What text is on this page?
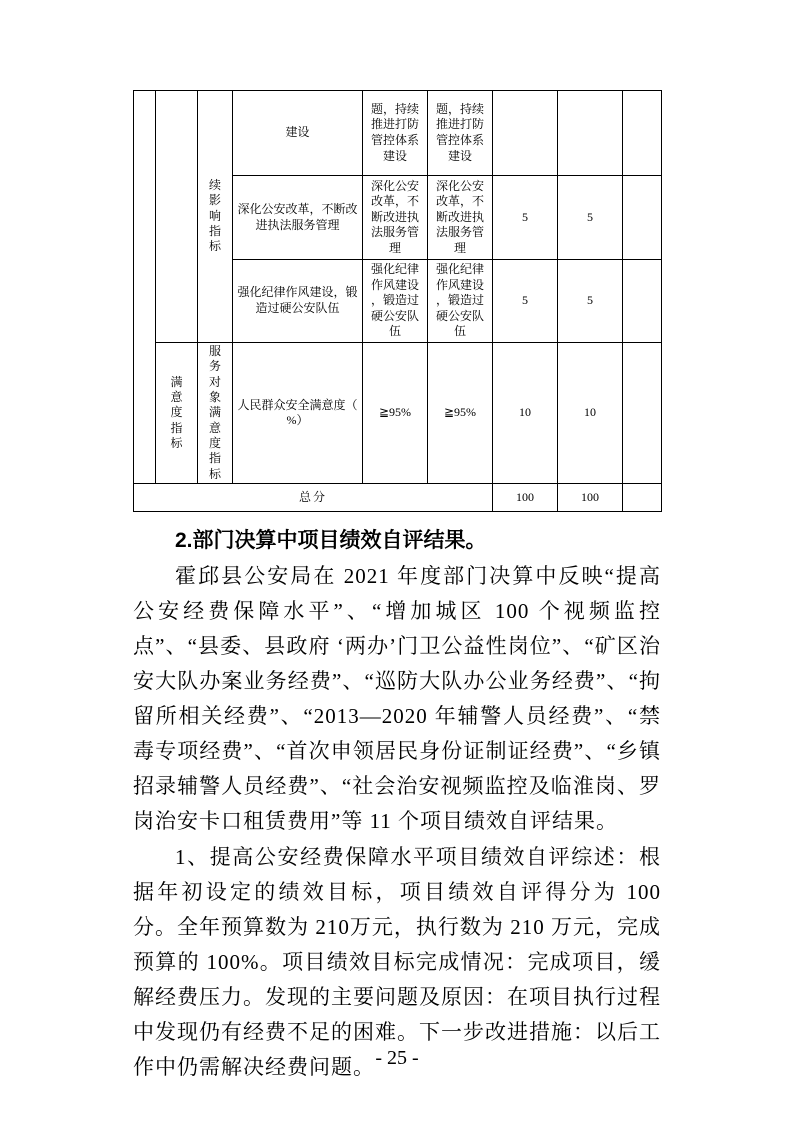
		续影响指标	建设	题，持续推进打防管控体系建设	题，持续推进打防管控体系建设			
			深化公安改革，不断改进执法服务管理	深化公安改革，不断改进执法服务管理	深化公安改革，不断改进执法服务管理	5	5	
			强化纪律作风建设，锻造过硬公安队伍	强化纪律作风建设，锻造过硬公安队伍	强化纪律作风建设，锻造过硬公安队伍	5	5	
	满意度指标	服务对象满意度指标	人民群众安全满意度（%）	≧95%	≧95%	10	10	
总分						100	100	
2.部门决算中项目绩效自评结果。

霍邱县公安局在 2021 年度部门决算中反映“提高公安经费保障水平”、“增加城区 100 个视频监控点”、“县委、县政府 ‘两办’门卫公益性岗位”、“矿区治安大队办案业务经费”、“巡防大队办公业务经费”、“拘留所相关经费”、“2013—2020 年辅警人员经费”、“禁毒专项经费”、“首次申领居民身份证制证经费”、“乡镇招录辅警人员经费”、“社会治安视频监控及临淮岗、罗岗治安卡口租赁费用”等 11 个项目绩效自评结果。

1、提高公安经费保障水平项目绩效自评综述：根据年初设定的绩效目标，项目绩效自评得分为 100 分。全年预算数为 210万元，执行数为 210 万元，完成预算的 100%。项目绩效目标完成情况：完成项目，缓解经费压力。发现的主要问题及原因：在项目执行过程中发现仍有经费不足的困难。下一步改进措施：以后工作中仍需解决经费问题。 - 25 -
